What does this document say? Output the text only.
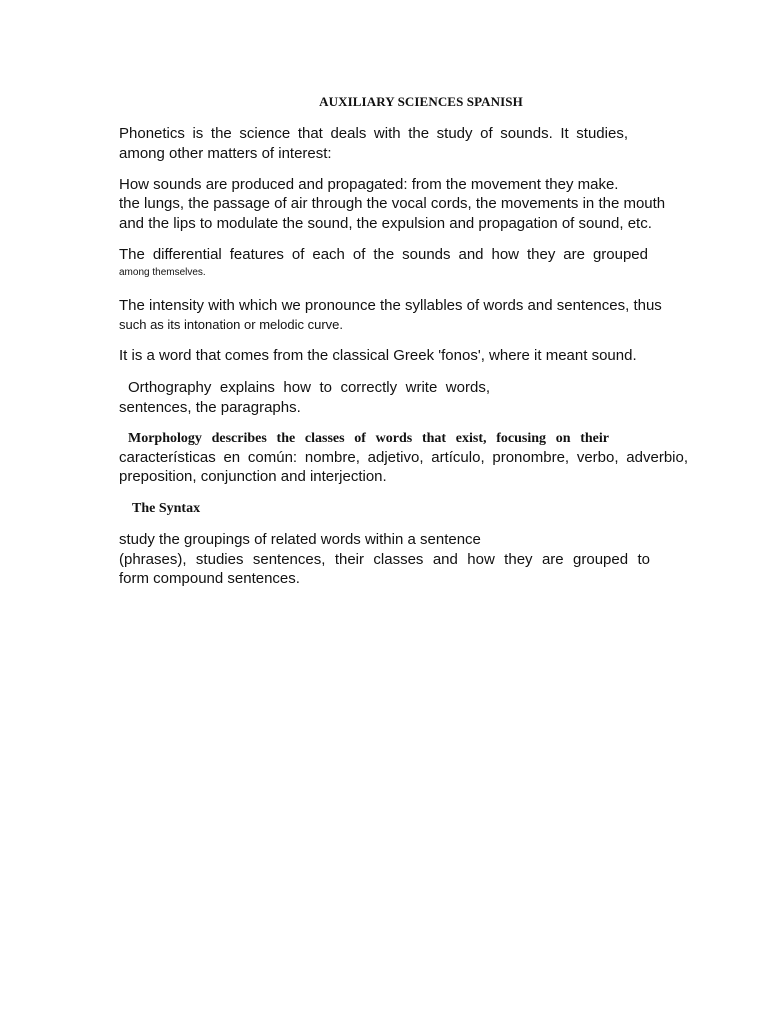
AUXILIARY SCIENCES SPANISH
Phonetics is the science that deals with the study of sounds. It studies,
among other matters of interest:
How sounds are produced and propagated: from the movement they make.
the lungs, the passage of air through the vocal cords, the movements in the mouth
and the lips to modulate the sound, the expulsion and propagation of sound, etc.
The differential features of each of the sounds and how they are grouped
among themselves.
The intensity with which we pronounce the syllables of words and sentences, thus
such as its intonation or melodic curve.
It is a word that comes from the classical Greek 'fonos', where it meant sound.
Orthography explains how to correctly write words,
sentences, the paragraphs.
Morphology describes the classes of words that exist, focusing on their
características en común: nombre, adjetivo, artículo, pronombre, verbo, adverbio,
preposition, conjunction and interjection.
The Syntax
study the groupings of related words within a sentence
(phrases), studies sentences, their classes and how they are grouped to
form compound sentences.
